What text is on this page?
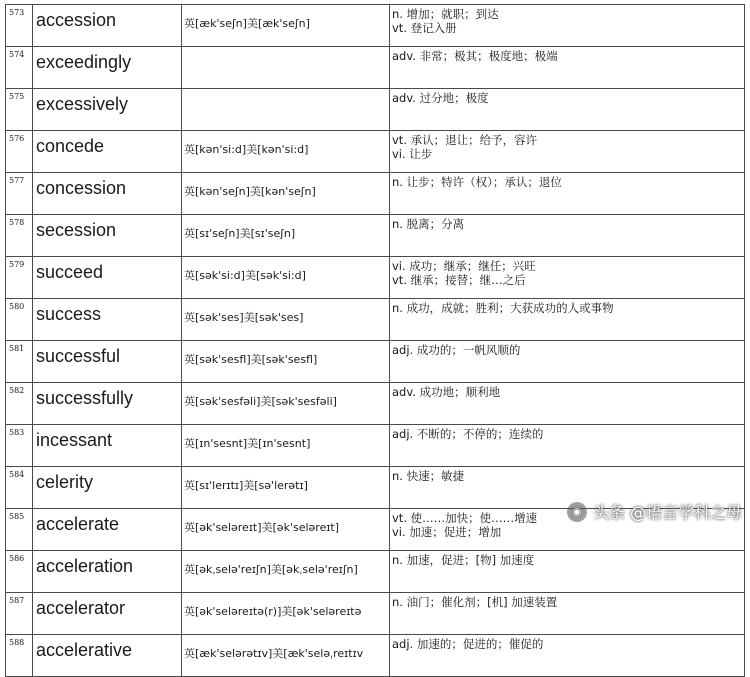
573	accession	英[æk'seʃn]美[æk'seʃn]	n. 增加；就职；到达
vt. 登记入册

574	exceedingly		adv. 非常；极其；极度地；极端

575	excessively		adv. 过分地；极度

576	concede	英[kən'si:d]美[kən'si:d]	vt. 承认；退让；给予，容许
vi. 让步

577	concession	英[kən'seʃn]美[kən'seʃn]	n. 让步；特许（权）；承认；退位

578	secession	英[sɪ'seʃn]美[sɪ'seʃn]	n. 脱离；分离

579	succeed	英[sək'si:d]美[sək'si:d]	vi. 成功；继承；继任；兴旺
vt. 继承；接替；继…之后

580	success	英[sək'ses]美[sək'ses]	n. 成功，成就；胜利；大获成功的人或事物

581	successful	英[sək'sesfl]美[sək'sesfl]	adj. 成功的；一帆风顺的

582	successfully	英[sək'sesfəli]美[sək'sesfəli]	adv. 成功地；顺利地

583	incessant	英[ɪn'sesnt]美[ɪn'sesnt]	adj. 不断的；不停的；连续的

584	celerity	英[sɪ'lerɪtɪ]美[sə'lerətɪ]	n. 快速；敏捷

585	accelerate	英[ək'seləreɪt]美[ək'seləreɪt]	vt. 使……加快；使……增速
vi. 加速；促进；增加

586	acceleration	英[əkˌselə'reɪʃn]美[əkˌselə'reɪʃn]	n. 加速，促进；[物] 加速度

587	accelerator	英[ək'seləreɪtə(r)]美[ək'seləreɪtə	n. 油门；催化剂；[机] 加速装置

588	accelerative	英[æk'selərətɪv]美[æk'seləˌreɪtɪv	adj. 加速的；促进的；催促的
◉ 头条 @语言学科之母
